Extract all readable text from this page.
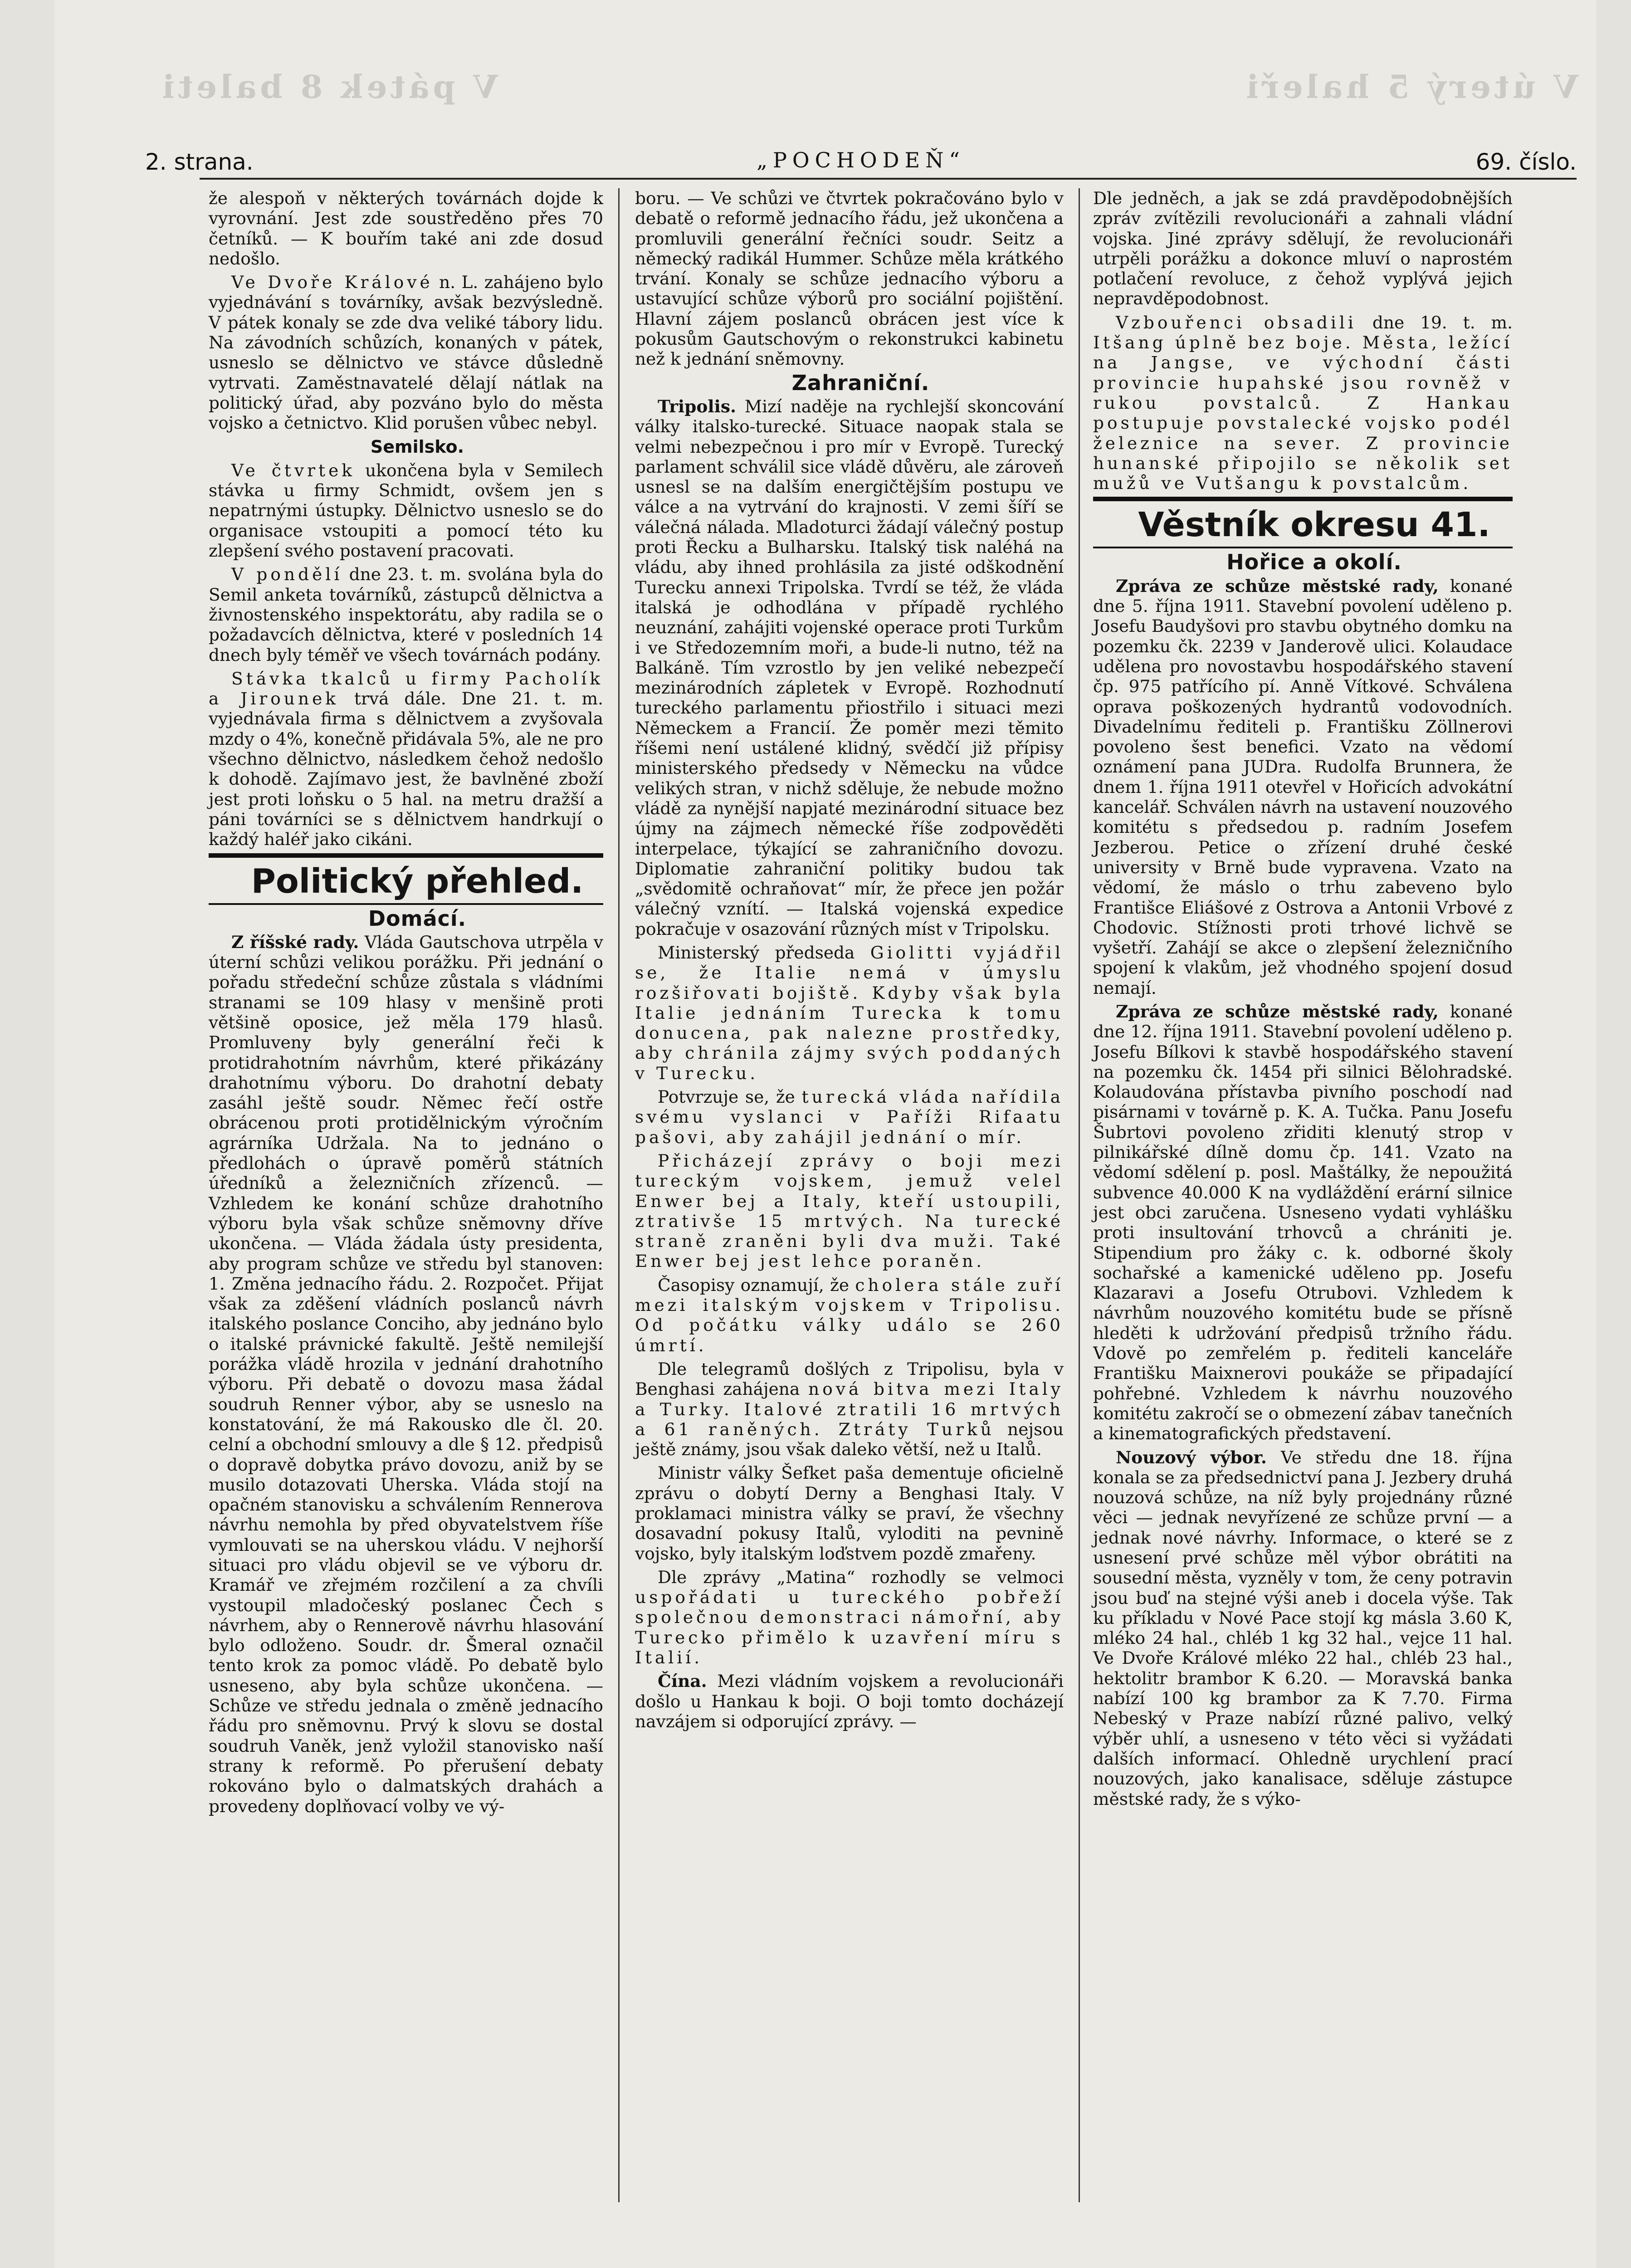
V pátek 8 baleti	V úterý 5 haleři
2. strana.	„POCHODEŇ“	69. číslo.

že alespoň v některých továrnách dojde k vyrovnání. Jest zde soustředěno přes 70 četníků. — K bouřím také ani zde dosud nedošlo.

Ve Dvoře Králové n. L. zahájeno bylo vyjednávání s továrníky, avšak bezvýsledně. V pátek konaly se zde dva veliké tábory lidu. Na závodních schůzích, konaných v pátek, usneslo se dělnictvo ve stávce důsledně vytrvati. Zaměstnavatelé dělají nátlak na politický úřad, aby pozváno bylo do města vojsko a četnictvo. Klid porušen vůbec nebyl.

Semilsko.

Ve čtvrtek ukončena byla v Semilech stávka u firmy Schmidt, ovšem jen s nepatrnými ústupky. Dělnictvo usneslo se do organisace vstoupiti a pomocí této ku zlepšení svého postavení pracovati.

V pondělí dne 23. t. m. svolána byla do Semil anketa továrníků, zástupců dělnictva a živnostenského inspektorátu, aby radila se o požadavcích dělnictva, které v posledních 14 dnech byly téměř ve všech továrnách podány.

Stávka tkalců u firmy Pacholík a Jirounek trvá dále. Dne 21. t. m. vyjednávala firma s dělnictvem a zvyšovala mzdy o 4%, konečně přidávala 5%, ale ne pro všechno dělnictvo, následkem čehož nedošlo k dohodě. Zajímavo jest, že bavlněné zboží jest proti loňsku o 5 hal. na metru dražší a páni továrníci se s dělnictvem handrkují o každý haléř jako cikáni.

Politický přehled.

Domácí.

Z říšské rady. Vláda Gautschova utrpěla v úterní schůzi velikou porážku. Při jednání o pořadu středeční schůze zůstala s vládními stranami se 109 hlasy v menšině proti většině oposice, jež měla 179 hlasů. Promluveny byly generální řeči k protidrahotním návrhům, které přikázány drahotnímu výboru. Do drahotní debaty zasáhl ještě soudr. Němec řečí ostře obrácenou proti protidělnickým výročním agrárníka Udržala. Na to jednáno o předlohách o úpravě poměrů státních úředníků a železničních zřízenců. — Vzhledem ke konání schůze drahotního výboru byla však schůze sněmovny dříve ukončena. — Vláda žádala ústy presidenta, aby program schůze ve středu byl stanoven: 1. Změna jednacího řádu. 2. Rozpočet. Přijat však za zděšení vládních poslanců návrh italského poslance Conciho, aby jednáno bylo o italské právnické fakultě. Ještě nemilejší porážka vládě hrozila v jednání drahotního výboru. Při debatě o dovozu masa žádal soudruh Renner výbor, aby se usneslo na konstatování, že má Rakousko dle čl. 20. celní a obchodní smlouvy a dle § 12. předpisů o dopravě dobytka právo dovozu, aniž by se musilo dotazovati Uherska. Vláda stojí na opačném stanovisku a schválením Rennerova návrhu nemohla by před obyvatelstvem říše vymlouvati se na uherskou vládu. V nejhorší situaci pro vládu objevil se ve výboru dr. Kramář ve zřejmém rozčilení a za chvíli vystoupil mladočeský poslanec Čech s návrhem, aby o Rennerově návrhu hlasování bylo odloženo. Soudr. dr. Šmeral označil tento krok za pomoc vládě. Po debatě bylo usneseno, aby byla schůze ukončena. — Schůze ve středu jednala o změně jednacího řádu pro sněmovnu. Prvý k slovu se dostal soudruh Vaněk, jenž vyložil stanovisko naší strany k reformě. Po přerušení debaty rokováno bylo o dalmatských drahách a provedeny doplňovací volby ve vý-

boru. — Ve schůzi ve čtvrtek pokračováno bylo v debatě o reformě jednacího řádu, jež ukončena a promluvili generální řečníci soudr. Seitz a německý radikál Hummer. Schůze měla krátkého trvání. Konaly se schůze jednacího výboru a ustavující schůze výborů pro sociální pojištění. Hlavní zájem poslanců obrácen jest více k pokusům Gautschovým o rekonstrukci kabinetu než k jednání sněmovny.

Zahraniční.

Tripolis. Mizí naděje na rychlejší skoncování války italsko-turecké. Situace naopak stala se velmi nebezpečnou i pro mír v Evropě. Turecký parlament schválil sice vládě důvěru, ale zároveň usnesl se na dalším energičtějším postupu ve válce a na vytrvání do krajnosti. V zemi šíří se válečná nálada. Mladoturci žádají válečný postup proti Řecku a Bulharsku. Italský tisk naléhá na vládu, aby ihned prohlásila za jisté odškodnění Turecku annexi Tripolska. Tvrdí se též, že vláda italská je odhodlána v případě rychlého neuznání, zahájiti vojenské operace proti Turkům i ve Středozemním moři, a bude-li nutno, též na Balkáně. Tím vzrostlo by jen veliké nebezpečí mezinárodních zápletek v Evropě. Rozhodnutí tureckého parlamentu přiostřilo i situaci mezi Německem a Francií. Že poměr mezi těmito říšemi není ustálené klidný, svědčí již přípisy ministerského předsedy v Německu na vůdce velikých stran, v nichž sděluje, že nebude možno vládě za nynější napjaté mezinárodní situace bez újmy na zájmech německé říše zodpověděti interpelace, týkající se zahraničního dovozu. Diplomatie zahraniční politiky budou tak „svědomitě ochraňovat“ mír, že přece jen požár válečný vznítí. — Italská vojenská expedice pokračuje v osazování různých míst v Tripolsku.

Ministerský předseda Giolitti vyjádřil se, že Italie nemá v úmyslu rozšiřovati bojiště. Kdyby však byla Italie jednáním Turecka k tomu donucena, pak nalezne prostředky, aby chránila zájmy svých poddaných v Turecku.

Potvrzuje se, že turecká vláda nařídila svému vyslanci v Paříži Rifaatu pašovi, aby zahájil jednání o mír.

Přicházejí zprávy o boji mezi tureckým vojskem, jemuž velel Enwer bej a Italy, kteří ustoupili, ztrativše 15 mrtvých. Na turecké straně zraněni byli dva muži. Také Enwer bej jest lehce poraněn.

Časopisy oznamují, že cholera stále zuří mezi italským vojskem v Tripolisu. Od počátku války událo se 260 úmrtí.

Dle telegramů došlých z Tripolisu, byla v Benghasi zahájena nová bitva mezi Italy a Turky. Italové ztratili 16 mrtvých a 61 raněných. Ztráty Turků nejsou ještě známy, jsou však daleko větší, než u Italů.

Ministr války Šefket paša dementuje oficielně zprávu o dobytí Derny a Benghasi Italy. V proklamaci ministra války se praví, že všechny dosavadní pokusy Italů, vyloditi na pevnině vojsko, byly italským loďstvem pozdě zmařeny.

Dle zprávy „Matina“ rozhodly se velmoci uspořádati u tureckého pobřeží společnou demonstraci námořní, aby Turecko přimělo k uzavření míru s Italií.

Čína. Mezi vládním vojskem a revolucionáři došlo u Hankau k boji. O boji tomto docházejí navzájem si odporující zprávy. —

Dle jedněch, a jak se zdá pravděpodobnějších zpráv zvítězili revolucionáři a zahnali vládní vojska. Jiné zprávy sdělují, že revolucionáři utrpěli porážku a dokonce mluví o naprostém potlačení revoluce, z čehož vyplývá jejich nepravděpodobnost.

Vzbouřenci obsadili dne 19. t. m. Itšang úplně bez boje. Města, ležící na Jangse, ve východní části provincie hupahské jsou rovněž v rukou povstalců. Z Hankau postupuje povstalecké vojsko podél železnice na sever. Z provincie hunanské připojilo se několik set mužů ve Vutšangu k povstalcům.

Věstník okresu 41.

Hořice a okolí.

Zpráva ze schůze městské rady, konané dne 5. října 1911. Stavební povolení uděleno p. Josefu Baudyšovi pro stavbu obytného domku na pozemku čk. 2239 v Janderově ulici. Kolaudace udělena pro novostavbu hospodářského stavení čp. 975 patřícího pí. Anně Vítkové. Schválena oprava poškozených hydrantů vodovodních. Divadelnímu řediteli p. Františku Zöllnerovi povoleno šest benefici. Vzato na vědomí oznámení pana JUDra. Rudolfa Brunnera, že dnem 1. října 1911 otevřel v Hořicích advokátní kancelář. Schválen návrh na ustavení nouzového komitétu s předsedou p. radním Josefem Jezberou. Petice o zřízení druhé české university v Brně bude vypravena. Vzato na vědomí, že máslo o trhu zabeveno bylo Františce Eliášové z Ostrova a Antonii Vrbové z Chodovic. Stížnosti proti trhové lichvě se vyšetří. Zahájí se akce o zlepšení železničního spojení k vlakům, jež vhodného spojení dosud nemají.

Zpráva ze schůze městské rady, konané dne 12. října 1911. Stavební povolení uděleno p. Josefu Bílkovi k stavbě hospodářského stavení na pozemku čk. 1454 při silnici Bělohradské. Kolaudována přístavba pivního poschodí nad pisárnami v továrně p. K. A. Tučka. Panu Josefu Šubrtovi povoleno zřiditi klenutý strop v pilnikářské dílně domu čp. 141. Vzato na vědomí sdělení p. posl. Maštálky, že nepoužitá subvence 40.000 K na vydláždění erární silnice jest obci zaručena. Usneseno vydati vyhlášku proti insultování trhovců a chrániti je. Stipendium pro žáky c. k. odborné školy sochařské a kamenické uděleno pp. Josefu Klazaravi a Josefu Otrubovi. Vzhledem k návrhům nouzového komitétu bude se přísně hleděti k udržování předpisů tržního řádu. Vdově po zemřelém p. řediteli kanceláře Františku Maixnerovi poukáže se připadající pohřebné. Vzhledem k návrhu nouzového komitétu zakročí se o obmezení zábav tanečních a kinematografických představení.

Nouzový výbor. Ve středu dne 18. října konala se za předsednictví pana J. Jezbery druhá nouzová schůze, na níž byly projednány různé věci — jednak nevyřízené ze schůze první — a jednak nové návrhy. Informace, o které se z usnesení prvé schůze měl výbor obrátiti na sousední města, vyzněly v tom, že ceny potravin jsou buď na stejné výši aneb i docela výše. Tak ku příkladu v Nové Pace stojí kg másla 3.60 K, mléko 24 hal., chléb 1 kg 32 hal., vejce 11 hal. Ve Dvoře Králové mléko 22 hal., chléb 23 hal., hektolitr brambor K 6.20. — Moravská banka nabízí 100 kg brambor za K 7.70. Firma Nebeský v Praze nabízí různé palivo, velký výběr uhlí, a usneseno v této věci si vyžádati dalších informací. Ohledně urychlení prací nouzových, jako kanalisace, sděluje zástupce městské rady, že s výko-
